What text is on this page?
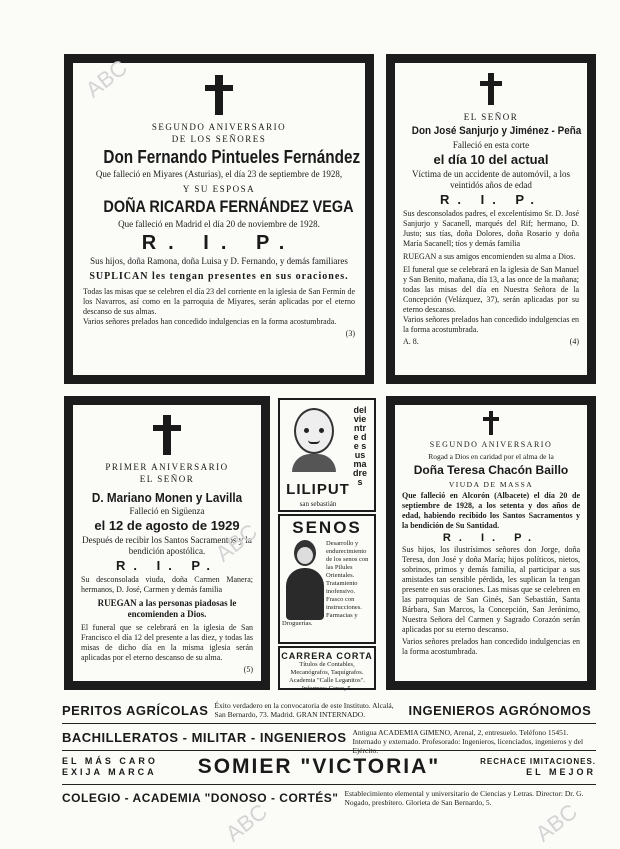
SEGUNDO ANIVERSARIO
DE LOS SEÑORES
Don Fernando Pintueles Fernández
Que falleció en Miyares (Asturias), el día 23 de septiembre de 1928,
Y SU ESPOSA
DOÑA RICARDA FERNÁNDEZ VEGA
Que falleció en Madrid el día 20 de noviembre de 1928.
R. I. P.
Sus hijos, doña Ramona, doña Luisa y D. Fernando, y demás familiares
SUPLICAN les tengan presentes en sus oraciones.
Todas las misas que se celebren el día 23 del corriente en la iglesia de San Fermín de los Navarros, así como en la parroquia de Miyares, serán aplicadas por el eterno descanso de sus almas.
Varios señores prelados han concedido indulgencias en la forma acostumbrada.
(3)
EL SEÑOR
Don José Sanjurjo y Jiménez - Peña
Falleció en esta corte
el día 10 del actual
Víctima de un accidente de automóvil, a los veintidós años de edad
R. I. P.
Sus desconsolados padres, el excelentísimo Sr. D. José Sanjurjo y Sacanell, marqués del Rif; hermano, D. Justo; sus tías, doña Dolores, doña Rosario y doña María Sacanell; tíos y demás familia
RUEGAN a sus amigos encomienden su alma a Dios.
El funeral que se celebrará en la iglesia de San Manuel y San Benito, mañana, día 13, a las once de la mañana; todas las misas del día en Nuestra Señora de la Concepción (Velázquez, 37), serán aplicadas por su eterno descanso.
Varios señores prelados han concedido indulgencias en la forma acostumbrada.
A. 8.	(4)
PRIMER ANIVERSARIO
EL SEÑOR
D. Mariano Monen y Lavilla
Falleció en Sigüenza
el 12 de agosto de 1929
Después de recibir los Santos Sacramentos y la bendición apostólica.
R. I. P.
Su desconsolada viuda, doña Carmen Manera; hermanos, D. José, Carmen y demás familia
RUEGAN a las personas piadosas le encomienden a Dios.
El funeral que se celebrará en la iglesia de San Francisco el día 12 del presente a las diez, y todas las misas de dicho día en la misma iglesia serán aplicadas por el eterno descanso de su alma.
(5)
del vientre de sus madres
LILIPUT
san sebastián
SENOS
Desarrollo y endurecimiento de los senos con las Pilules Orientales. Tratamiento inofensivo. Frasco con instrucciones. Farmacias y Droguerías.
CARRERA CORTA
Títulos de Contables, Mecanógrafos, Taquígrafos. Academia "Calle Leganitos". Informes: Cerco, 5.
SEGUNDO ANIVERSARIO
Rogad a Dios en caridad por el alma de la
Doña Teresa Chacón Baillo
VIUDA DE MASSA
Que falleció en Alcorón (Albacete) el día 20 de septiembre de 1928, a los setenta y dos años de edad, habiendo recibido los Santos Sacramentos y la bendición de Su Santidad.
R. I. P.
Sus hijos, los ilustrísimos señores don Jorge, doña Teresa, don José y doña María; hijos políticos, nietos, sobrinos, primos y demás familia, al participar a sus amistades tan sensible pérdida, les suplican la tengan presente en sus oraciones. Las misas que se celebren en las parroquias de San Ginés, San Sebastián, Santa Bárbara, San Marcos, la Concepción, San Jerónimo, Nuestra Señora del Carmen y Sagrado Corazón serán aplicadas por su eterno descanso.
Varios señores prelados han concedido indulgencias en la forma acostumbrada.
PERITOS AGRÍCOLAS Éxito verdadero en la convocatoria de este Instituto. Alcalá, San Bernardo, 73. Madrid. GRAN INTERNADO.	INGENIEROS AGRÓNOMOS
BACHILLERATOS - MILITAR - INGENIEROS Antigua ACADEMIA GIMENO, Arenal, 2, entresuelo. Teléfono 15451. Internado y externado. Profesorado: Ingenieros, licenciados, ingenieros y del
EL MÁS CARO
EXIJA MARCA	SOMIER "VICTORIA"	RECHACE IMITACIONES.
EL MEJOR
COLEGIO - ACADEMIA "DONOSO - CORTÉS" Establecimiento elemental y universitario de Ciencias y Letras. Director: Dr. G. Nogado, presbítero. Glorieta de San Bernardo, 5.
ABC
ABC
ABC	ABC
